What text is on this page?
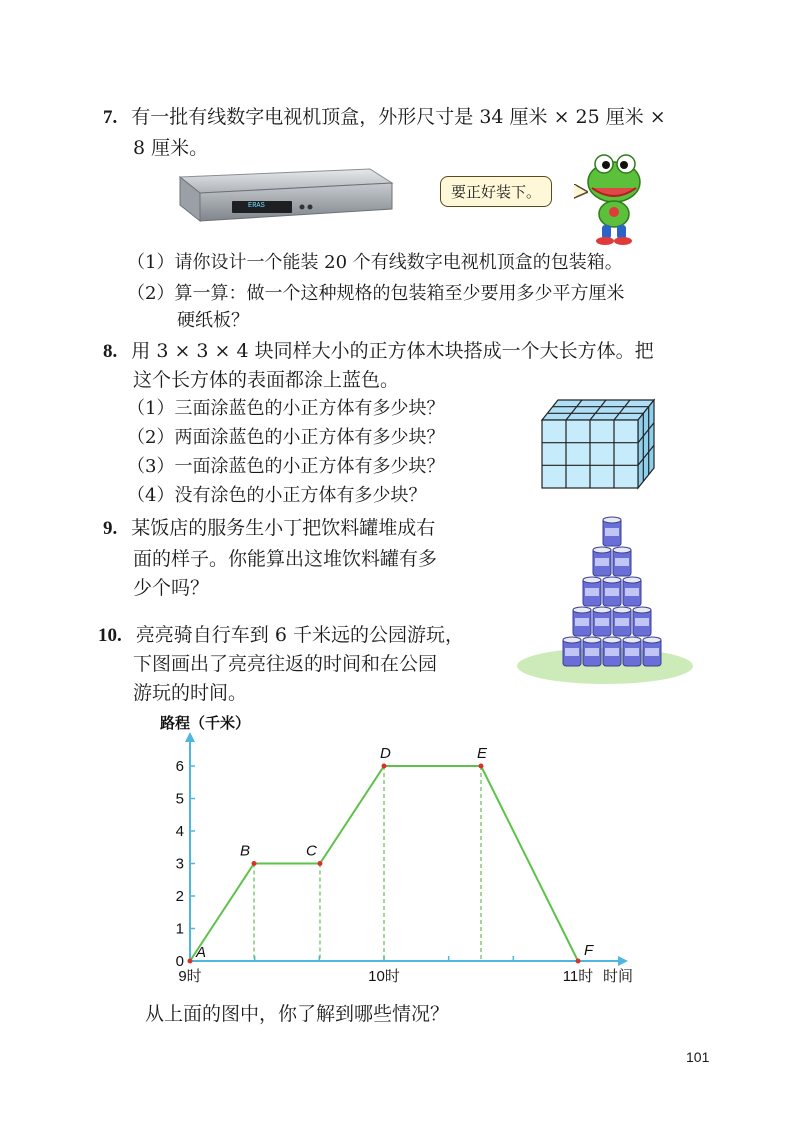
7. 有一批有线数字电视机顶盒，外形尺寸是 34 厘米 × 25 厘米 ×
8 厘米。
ERAS
要正好装下。
（1）请你设计一个能装 20 个有线数字电视机顶盒的包装箱。
（2）算一算：做一个这种规格的包装箱至少要用多少平方厘米
硬纸板？
8. 用 3 × 3 × 4 块同样大小的正方体木块搭成一个大长方体。把
这个长方体的表面都涂上蓝色。
（1）三面涂蓝色的小正方体有多少块？
（2）两面涂蓝色的小正方体有多少块？
（3）一面涂蓝色的小正方体有多少块？
（4）没有涂色的小正方体有多少块？
9. 某饭店的服务生小丁把饮料罐堆成右
面的样子。你能算出这堆饮料罐有多
少个吗？
10. 亮亮骑自行车到 6 千米远的公园游玩，
下图画出了亮亮往返的时间和在公园
游玩的时间。
路程（千米）
0
1
2
3
4
5
6
9时	10时	11时
A
B	C
D	E
F
时间
从上面的图中，你了解到哪些情况？
101
